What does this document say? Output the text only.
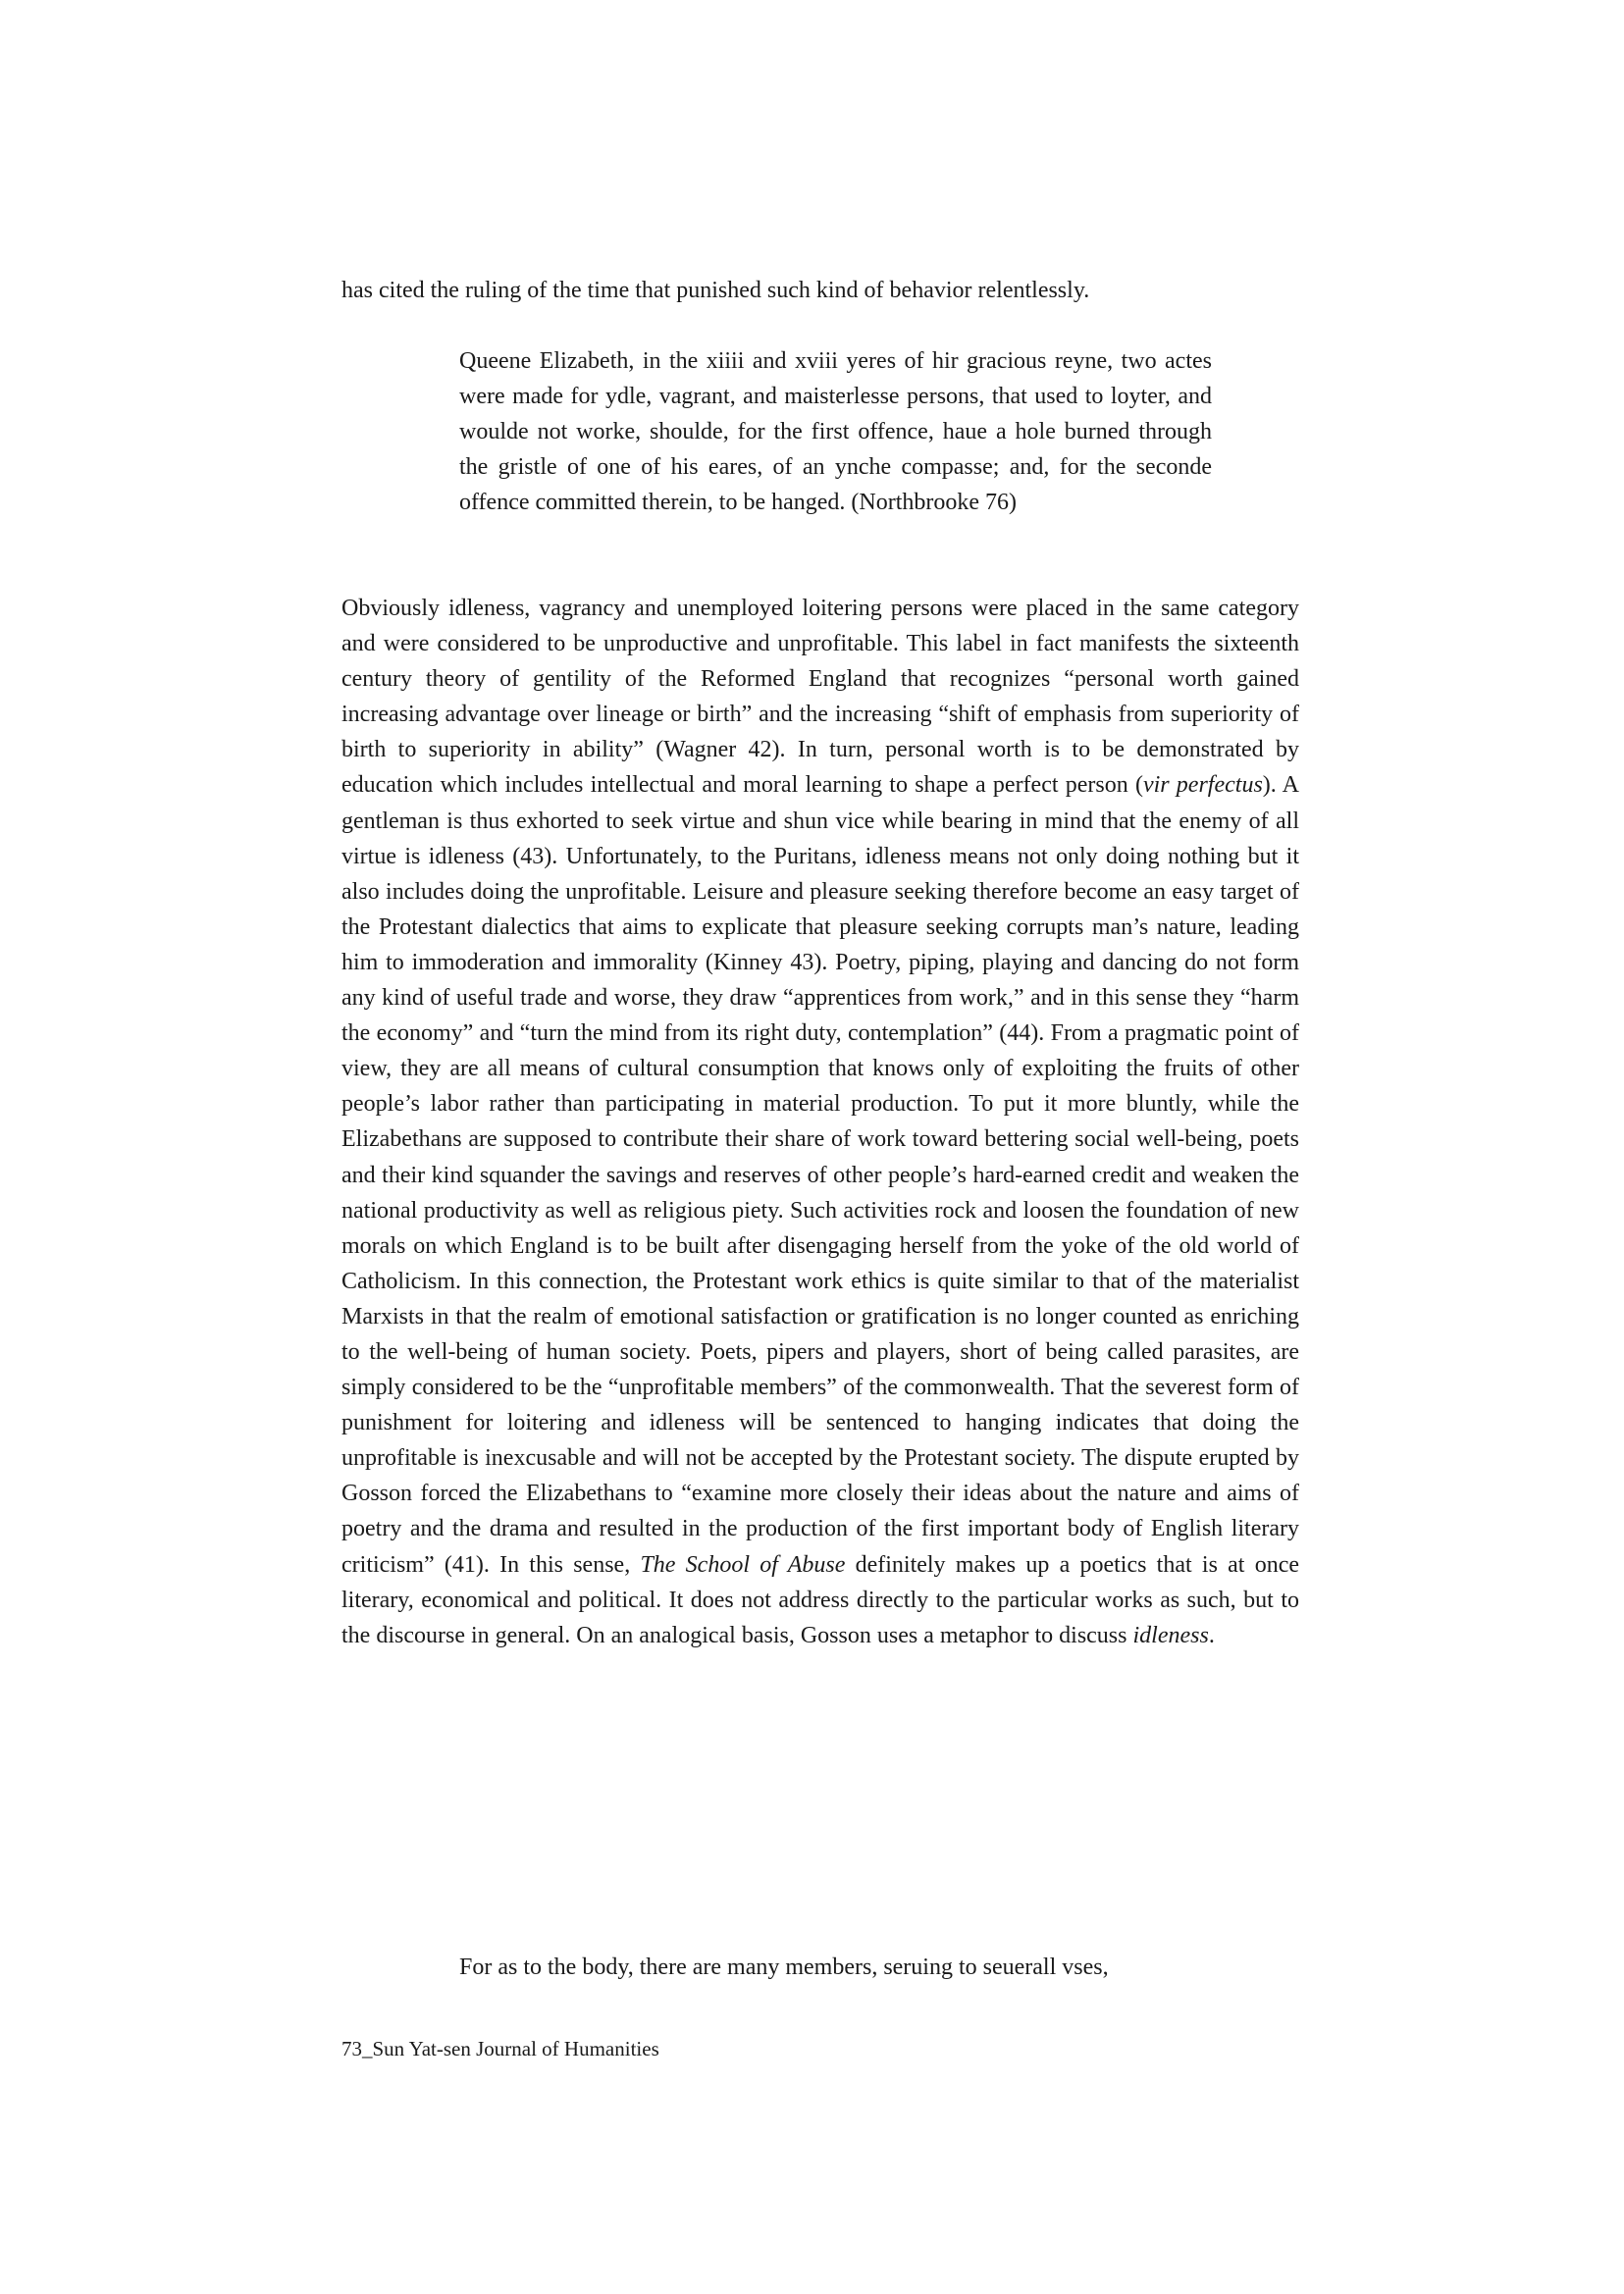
has cited the ruling of the time that punished such kind of behavior relentlessly.
Queene Elizabeth, in the xiiii and xviii yeres of hir gracious reyne, two actes were made for ydle, vagrant, and maisterlesse persons, that used to loyter, and woulde not worke, shoulde, for the first offence, haue a hole burned through the gristle of one of his eares, of an ynche compasse; and, for the seconde offence committed therein, to be hanged. (Northbrooke 76)
Obviously idleness, vagrancy and unemployed loitering persons were placed in the same category and were considered to be unproductive and unprofitable. This label in fact manifests the sixteenth century theory of gentility of the Reformed England that recognizes “personal worth gained increasing advantage over lineage or birth” and the increasing “shift of emphasis from superiority of birth to superiority in ability” (Wagner 42). In turn, personal worth is to be demonstrated by education which includes intellectual and moral learning to shape a perfect person (vir perfectus). A gentleman is thus exhorted to seek virtue and shun vice while bearing in mind that the enemy of all virtue is idleness (43). Unfortunately, to the Puritans, idleness means not only doing nothing but it also includes doing the unprofitable. Leisure and pleasure seeking therefore become an easy target of the Protestant dialectics that aims to explicate that pleasure seeking corrupts man’s nature, leading him to immoderation and immorality (Kinney 43). Poetry, piping, playing and dancing do not form any kind of useful trade and worse, they draw “apprentices from work,” and in this sense they “harm the economy” and “turn the mind from its right duty, contemplation” (44). From a pragmatic point of view, they are all means of cultural consumption that knows only of exploiting the fruits of other people’s labor rather than participating in material production. To put it more bluntly, while the Elizabethans are supposed to contribute their share of work toward bettering social well-being, poets and their kind squander the savings and reserves of other people’s hard-earned credit and weaken the national productivity as well as religious piety. Such activities rock and loosen the foundation of new morals on which England is to be built after disengaging herself from the yoke of the old world of Catholicism. In this connection, the Protestant work ethics is quite similar to that of the materialist Marxists in that the realm of emotional satisfaction or gratification is no longer counted as enriching to the well-being of human society. Poets, pipers and players, short of being called parasites, are simply considered to be the “unprofitable members” of the commonwealth. That the severest form of punishment for loitering and idleness will be sentenced to hanging indicates that doing the unprofitable is inexcusable and will not be accepted by the Protestant society. The dispute erupted by Gosson forced the Elizabethans to “examine more closely their ideas about the nature and aims of poetry and the drama and resulted in the production of the first important body of English literary criticism” (41). In this sense, The School of Abuse definitely makes up a poetics that is at once literary, economical and political. It does not address directly to the particular works as such, but to the discourse in general. On an analogical basis, Gosson uses a metaphor to discuss idleness.
For as to the body, there are many members, seruing to seuerall vses,
73_Sun Yat-sen Journal of Humanities
